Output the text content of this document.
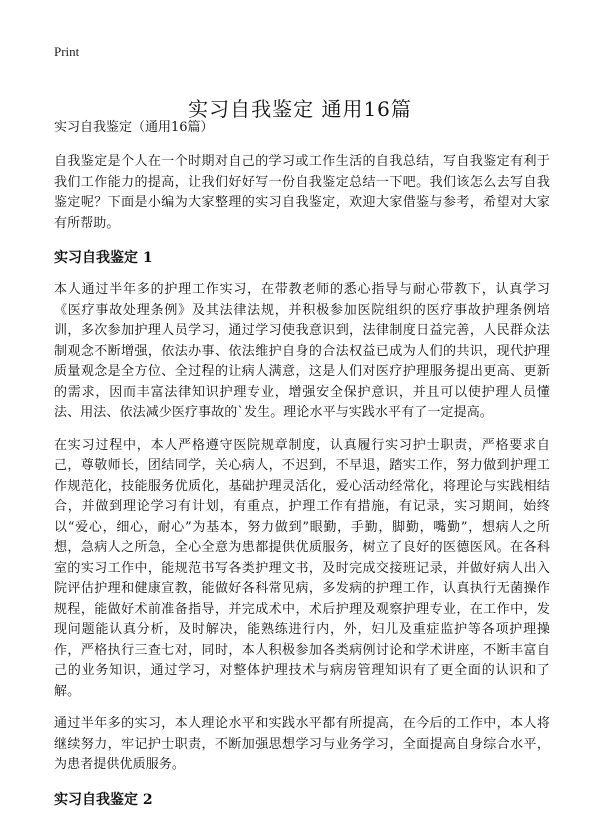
Print
实习自我鉴定 通用16篇
实习自我鉴定（通用16篇）

自我鉴定是个人在一个时期对自己的学习或工作生活的自我总结，写自我鉴定有利于我们工作能力的提高，让我们好好写一份自我鉴定总结一下吧。我们该怎么去写自我鉴定呢？下面是小编为大家整理的实习自我鉴定，欢迎大家借鉴与参考，希望对大家有所帮助。

实习自我鉴定 1

本人通过半年多的护理工作实习，在带教老师的悉心指导与耐心带教下，认真学习《医疗事故处理条例》及其法律法规，并积极参加医院组织的医疗事故护理条例培训，多次参加护理人员学习，通过学习使我意识到，法律制度日益完善，人民群众法制观念不断增强，依法办事、依法维护自身的合法权益已成为人们的共识，现代护理质量观念是全方位、全过程的让病人满意，这是人们对医疗护理服务提出更高、更新的需求，因而丰富法律知识护理专业，增强安全保护意识，并且可以使护理人员懂法、用法、依法减少医疗事故的`发生。理论水平与实践水平有了一定提高。

在实习过程中，本人严格遵守医院规章制度，认真履行实习护士职责，严格要求自己，尊敬师长，团结同学，关心病人，不迟到，不早退，踏实工作，努力做到护理工作规范化，技能服务优质化，基础护理灵活化，爱心活动经常化，将理论与实践相结合，并做到理论学习有计划，有重点，护理工作有措施，有记录，实习期间，始终以“爱心，细心，耐心”为基本，努力做到”眼勤，手勤，脚勤，嘴勤”，想病人之所想，急病人之所急，全心全意为患都提供优质服务，树立了良好的医德医风。在各科室的实习工作中，能规范书写各类护理文书，及时完成交接班记录，并做好病人出入院评估护理和健康宣教，能做好各科常见病，多发病的护理工作，认真执行无菌操作规程，能做好术前准备指导，并完成术中，术后护理及观察护理专业，在工作中，发现问题能认真分析，及时解决，能熟练进行内，外，妇儿及重症监护等各项护理操作，严格执行三查七对，同时，本人积极参加各类病例讨论和学术讲座，不断丰富自己的业务知识，通过学习，对整体护理技术与病房管理知识有了更全面的认识和了解。

通过半年多的实习，本人理论水平和实践水平都有所提高，在今后的工作中，本人将继续努力，牢记护士职责，不断加强思想学习与业务学习，全面提高自身综合水平，为患者提供优质服务。

实习自我鉴定 2
